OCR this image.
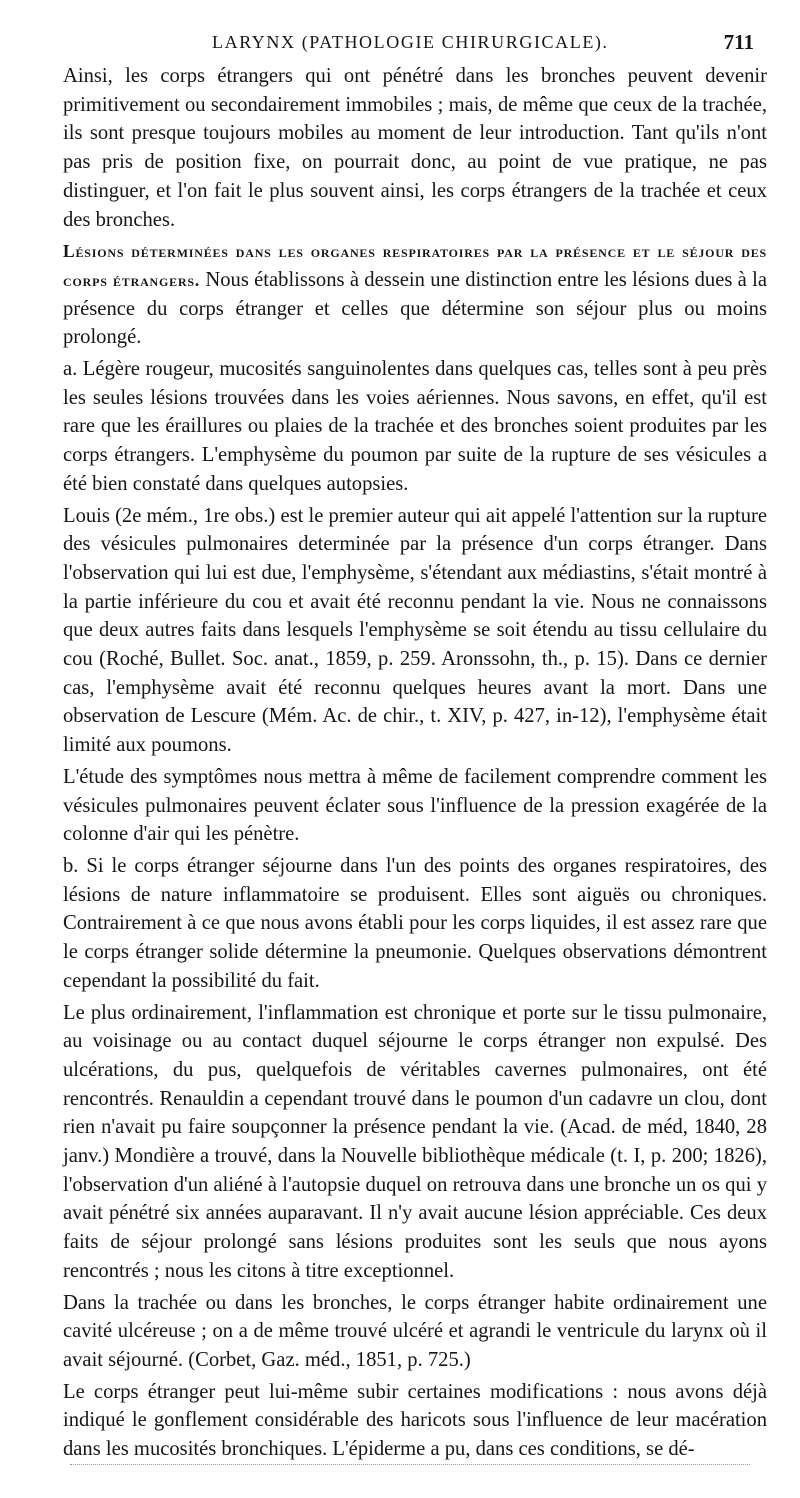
LARYNX (PATHOLOGIE CHIRURGICALE).	711

Ainsi, les corps étrangers qui ont pénétré dans les bronches peuvent devenir primitivement ou secondairement immobiles ; mais, de même que ceux de la trachée, ils sont presque toujours mobiles au moment de leur introduction. Tant qu'ils n'ont pas pris de position fixe, on pourrait donc, au point de vue pratique, ne pas distinguer, et l'on fait le plus souvent ainsi, les corps étrangers de la trachée et ceux des bronches.

Lésions déterminées dans les organes respiratoires par la présence et le séjour des corps étrangers. Nous établissons à dessein une distinction entre les lésions dues à la présence du corps étranger et celles que détermine son séjour plus ou moins prolongé.

a. Légère rougeur, mucosités sanguinolentes dans quelques cas, telles sont à peu près les seules lésions trouvées dans les voies aériennes. Nous savons, en effet, qu'il est rare que les éraillures ou plaies de la trachée et des bronches soient produites par les corps étrangers. L'emphysème du poumon par suite de la rupture de ses vésicules a été bien constaté dans quelques autopsies.

Louis (2e mém., 1re obs.) est le premier auteur qui ait appelé l'attention sur la rupture des vésicules pulmonaires determinée par la présence d'un corps étranger. Dans l'observation qui lui est due, l'emphysème, s'étendant aux médiastins, s'était montré à la partie inférieure du cou et avait été reconnu pendant la vie. Nous ne connaissons que deux autres faits dans lesquels l'emphysème se soit étendu au tissu cellulaire du cou (Roché, Bullet. Soc. anat., 1859, p. 259. Aronssohn, th., p. 15). Dans ce dernier cas, l'emphysème avait été reconnu quelques heures avant la mort. Dans une observation de Lescure (Mém. Ac. de chir., t. XIV, p. 427, in-12), l'emphysème était limité aux poumons.

L'étude des symptômes nous mettra à même de facilement comprendre comment les vésicules pulmonaires peuvent éclater sous l'influence de la pression exagérée de la colonne d'air qui les pénètre.

b. Si le corps étranger séjourne dans l'un des points des organes respiratoires, des lésions de nature inflammatoire se produisent. Elles sont aiguës ou chroniques. Contrairement à ce que nous avons établi pour les corps liquides, il est assez rare que le corps étranger solide détermine la pneumonie. Quelques observations démontrent cependant la possibilité du fait.

Le plus ordinairement, l'inflammation est chronique et porte sur le tissu pulmonaire, au voisinage ou au contact duquel séjourne le corps étranger non expulsé. Des ulcérations, du pus, quelquefois de véritables cavernes pulmonaires, ont été rencontrés. Renauldin a cependant trouvé dans le poumon d'un cadavre un clou, dont rien n'avait pu faire soupçonner la présence pendant la vie. (Acad. de méd, 1840, 28 janv.) Mondière a trouvé, dans la Nouvelle bibliothèque médicale (t. I, p. 200; 1826), l'observation d'un aliéné à l'autopsie duquel on retrouva dans une bronche un os qui y avait pénétré six années auparavant. Il n'y avait aucune lésion appréciable. Ces deux faits de séjour prolongé sans lésions produites sont les seuls que nous ayons rencontrés ; nous les citons à titre exceptionnel.

Dans la trachée ou dans les bronches, le corps étranger habite ordinairement une cavité ulcéreuse ; on a de même trouvé ulcéré et agrandi le ventricule du larynx où il avait séjourné. (Corbet, Gaz. méd., 1851, p. 725.)

Le corps étranger peut lui-même subir certaines modifications : nous avons déjà indiqué le gonflement considérable des haricots sous l'influence de leur macération dans les mucosités bronchiques. L'épiderme a pu, dans ces conditions, se dé-
